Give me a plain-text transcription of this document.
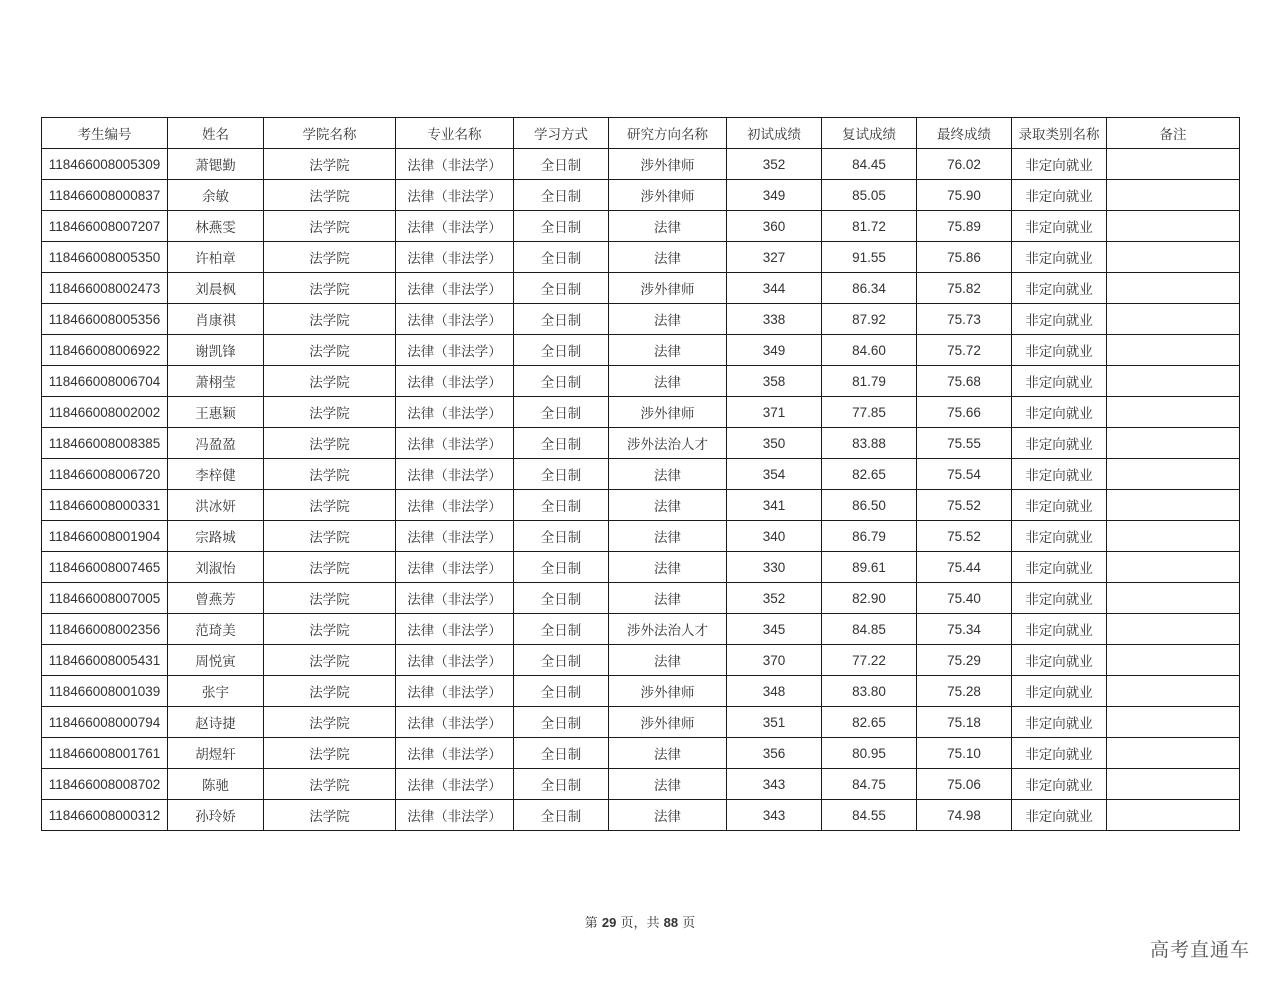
考生编号	姓名	学院名称	专业名称	学习方式	研究方向名称	初试成绩	复试成绩	最终成绩	录取类别名称	备注
118466008005309	萧锶勤	法学院	法律（非法学）	全日制	涉外律师	352	84.45	76.02	非定向就业	
118466008000837	余敏	法学院	法律（非法学）	全日制	涉外律师	349	85.05	75.90	非定向就业	
118466008007207	林燕雯	法学院	法律（非法学）	全日制	法律	360	81.72	75.89	非定向就业	
118466008005350	许柏章	法学院	法律（非法学）	全日制	法律	327	91.55	75.86	非定向就业	
118466008002473	刘晨枫	法学院	法律（非法学）	全日制	涉外律师	344	86.34	75.82	非定向就业	
118466008005356	肖康祺	法学院	法律（非法学）	全日制	法律	338	87.92	75.73	非定向就业	
118466008006922	谢凯锋	法学院	法律（非法学）	全日制	法律	349	84.60	75.72	非定向就业	
118466008006704	萧栩莹	法学院	法律（非法学）	全日制	法律	358	81.79	75.68	非定向就业	
118466008002002	王惠颖	法学院	法律（非法学）	全日制	涉外律师	371	77.85	75.66	非定向就业	
118466008008385	冯盈盈	法学院	法律（非法学）	全日制	涉外法治人才	350	83.88	75.55	非定向就业	
118466008006720	李梓健	法学院	法律（非法学）	全日制	法律	354	82.65	75.54	非定向就业	
118466008000331	洪冰妍	法学院	法律（非法学）	全日制	法律	341	86.50	75.52	非定向就业	
118466008001904	宗路城	法学院	法律（非法学）	全日制	法律	340	86.79	75.52	非定向就业	
118466008007465	刘淑怡	法学院	法律（非法学）	全日制	法律	330	89.61	75.44	非定向就业	
118466008007005	曾燕芳	法学院	法律（非法学）	全日制	法律	352	82.90	75.40	非定向就业	
118466008002356	范琦美	法学院	法律（非法学）	全日制	涉外法治人才	345	84.85	75.34	非定向就业	
118466008005431	周悦寅	法学院	法律（非法学）	全日制	法律	370	77.22	75.29	非定向就业	
118466008001039	张宇	法学院	法律（非法学）	全日制	涉外律师	348	83.80	75.28	非定向就业	
118466008000794	赵诗捷	法学院	法律（非法学）	全日制	涉外律师	351	82.65	75.18	非定向就业	
118466008001761	胡煜轩	法学院	法律（非法学）	全日制	法律	356	80.95	75.10	非定向就业	
118466008008702	陈驰	法学院	法律（非法学）	全日制	法律	343	84.75	75.06	非定向就业	
118466008000312	孙玲娇	法学院	法律（非法学）	全日制	法律	343	84.55	74.98	非定向就业	
第 29 页，共 88 页
高考直通车
